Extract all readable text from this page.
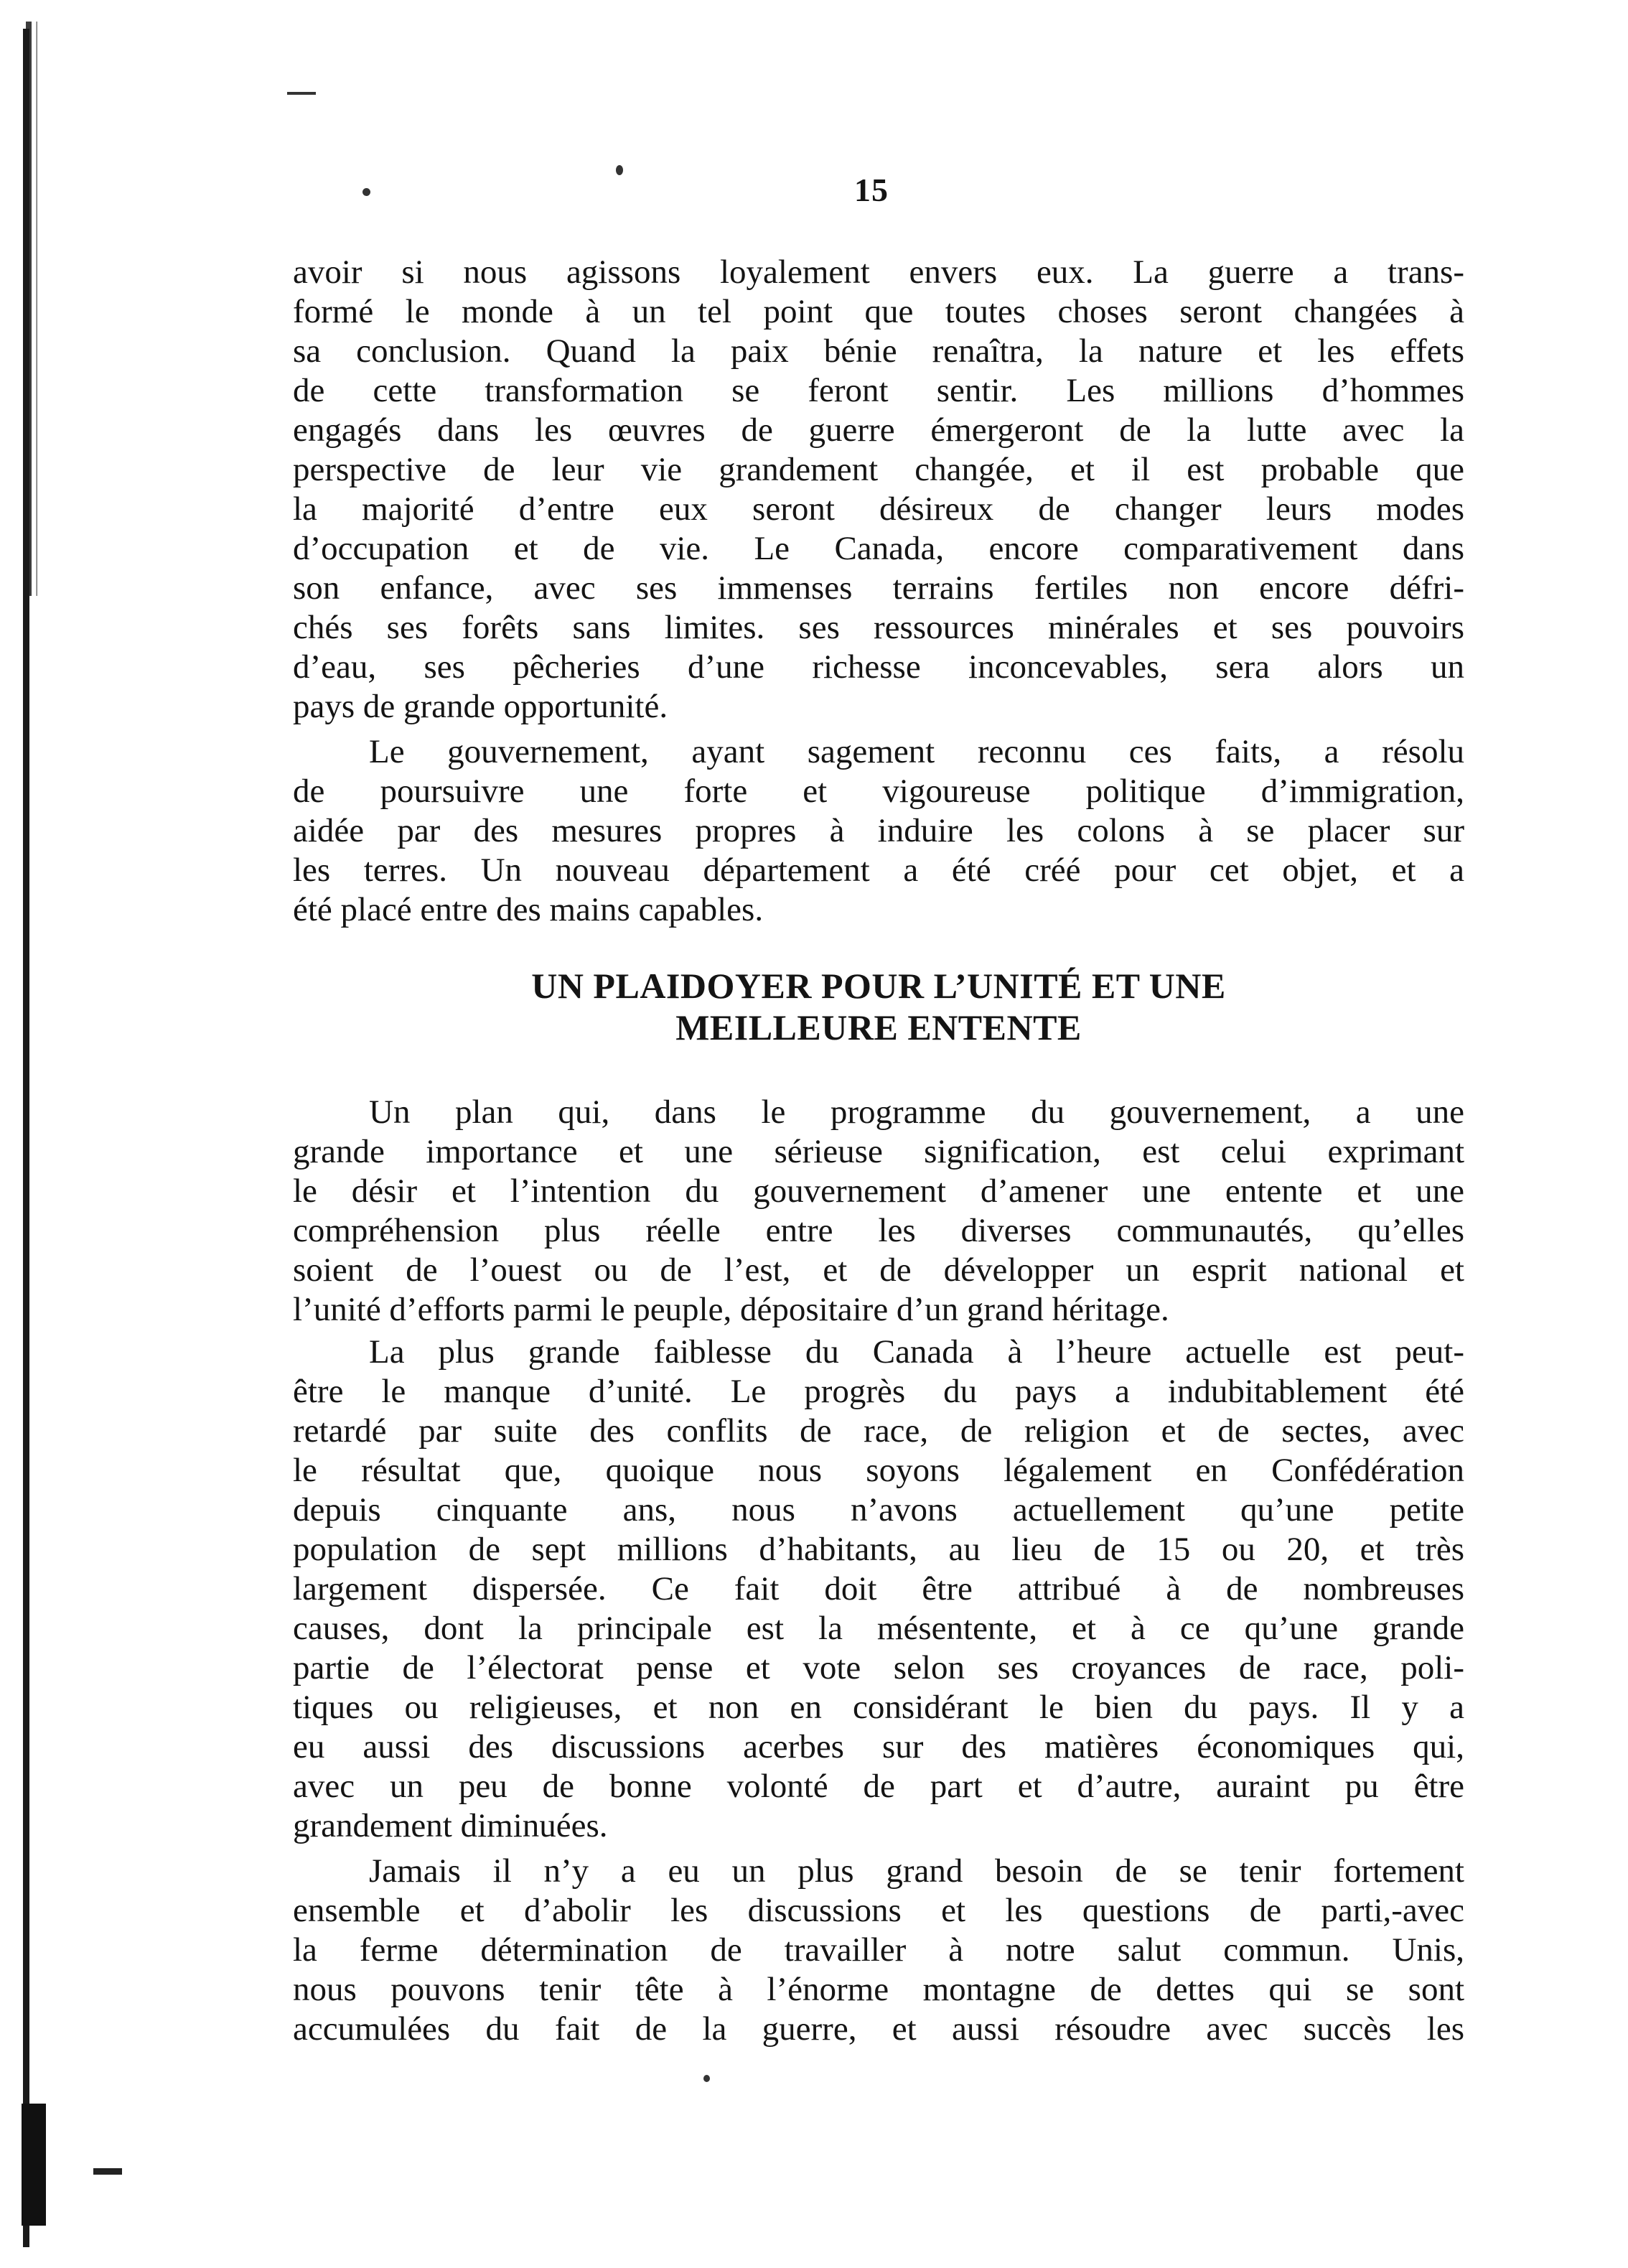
15

avoir si nous agissons loyalement envers eux. La guerre a trans-
formé le monde à un tel point que toutes choses seront changées à
sa conclusion. Quand la paix bénie renaîtra, la nature et les effets
de cette transformation se feront sentir. Les millions d’hommes
engagés dans les œuvres de guerre émergeront de la lutte avec la
perspective de leur vie grandement changée, et il est probable que
la majorité d’entre eux seront désireux de changer leurs modes
d’occupation et de vie. Le Canada, encore comparativement dans
son enfance, avec ses immenses terrains fertiles non encore défri-
chés ses forêts sans limites. ses ressources minérales et ses pouvoirs
d’eau, ses pêcheries d’une richesse inconcevables, sera alors un
pays de grande opportunité.

Le gouvernement, ayant sagement reconnu ces faits, a résolu
de poursuivre une forte et vigoureuse politique d’immigration,
aidée par des mesures propres à induire les colons à se placer sur
les terres. Un nouveau département a été créé pour cet objet, et a
été placé entre des mains capables.

UN PLAIDOYER POUR L’UNITÉ ET UNE
MEILLEURE ENTENTE

Un plan qui, dans le programme du gouvernement, a une
grande importance et une sérieuse signification, est celui exprimant
le désir et l’intention du gouvernement d’amener une entente et une
compréhension plus réelle entre les diverses communautés, qu’elles
soient de l’ouest ou de l’est, et de développer un esprit national et
l’unité d’efforts parmi le peuple, dépositaire d’un grand héritage.

La plus grande faiblesse du Canada à l’heure actuelle est peut-
être le manque d’unité. Le progrès du pays a indubitablement été
retardé par suite des conflits de race, de religion et de sectes, avec
le résultat que, quoique nous soyons légalement en Confédération
depuis cinquante ans, nous n’avons actuellement qu’une petite
population de sept millions d’habitants, au lieu de 15 ou 20, et très
largement dispersée. Ce fait doit être attribué à de nombreuses
causes, dont la principale est la mésentente, et à ce qu’une grande
partie de l’électorat pense et vote selon ses croyances de race, poli-
tiques ou religieuses, et non en considérant le bien du pays. Il y a
eu aussi des discussions acerbes sur des matières économiques qui,
avec un peu de bonne volonté de part et d’autre, auraint pu être
grandement diminuées.

Jamais il n’y a eu un plus grand besoin de se tenir fortement
ensemble et d’abolir les discussions et les questions de parti,-avec
la ferme détermination de travailler à notre salut commun. Unis,
nous pouvons tenir tête à l’énorme montagne de dettes qui se sont
accumulées du fait de la guerre, et aussi résoudre avec succès les
